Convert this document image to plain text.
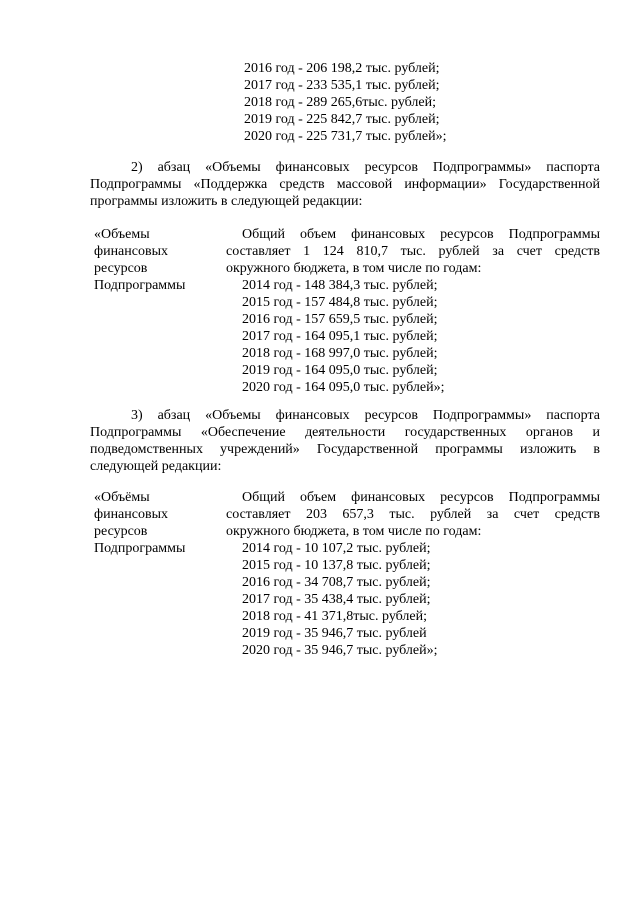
2016 год - 206 198,2 тыс. рублей;
2017 год - 233 535,1 тыс. рублей;
2018 год - 289 265,6тыс. рублей;
2019 год - 225 842,7 тыс. рублей;
2020 год - 225 731,7 тыс. рублей»;
2) абзац «Объемы финансовых ресурсов Подпрограммы» паспорта
Подпрограммы «Поддержка средств массовой информации» Государственной
программы изложить в следующей редакции:
«Объемы
финансовых
ресурсов
Подпрограммы
Общий объем финансовых ресурсов Подпрограммы
составляет 1 124 810,7 тыс. рублей за счет средств
окружного бюджета, в том числе по годам:
2014 год - 148 384,3 тыс. рублей;
2015 год - 157 484,8 тыс. рублей;
2016 год - 157 659,5 тыс. рублей;
2017 год - 164 095,1 тыс. рублей;
2018 год - 168 997,0 тыс. рублей;
2019 год - 164 095,0 тыс. рублей;
2020 год - 164 095,0 тыс. рублей»;
3) абзац «Объемы финансовых ресурсов Подпрограммы» паспорта
Подпрограммы «Обеспечение деятельности государственных органов и
подведомственных учреждений» Государственной программы изложить в
следующей редакции:
«Объёмы
финансовых
ресурсов
Подпрограммы
Общий объем финансовых ресурсов Подпрограммы
составляет 203 657,3 тыс. рублей за счет средств
окружного бюджета, в том числе по годам:
2014 год - 10 107,2 тыс. рублей;
2015 год - 10 137,8 тыс. рублей;
2016 год - 34 708,7 тыс. рублей;
2017 год - 35 438,4 тыс. рублей;
2018 год - 41 371,8тыс. рублей;
2019 год - 35 946,7 тыс. рублей
2020 год - 35 946,7 тыс. рублей»;
